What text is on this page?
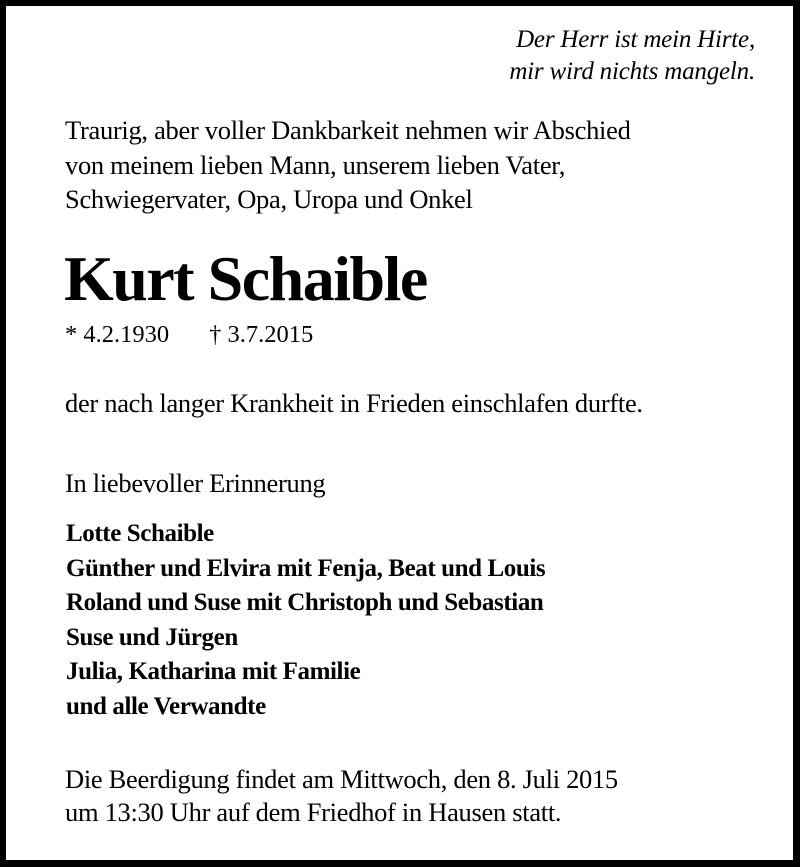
Der Herr ist mein Hirte,
mir wird nichts mangeln.
Traurig, aber voller Dankbarkeit nehmen wir Abschied
von meinem lieben Mann, unserem lieben Vater,
Schwiegervater, Opa, Uropa und Onkel
Kurt Schaible
* 4.2.1930 † 3.7.2015
der nach langer Krankheit in Frieden einschlafen durfte.
In liebevoller Erinnerung
Lotte Schaible
Günther und Elvira mit Fenja, Beat und Louis
Roland und Suse mit Christoph und Sebastian
Suse und Jürgen
Julia, Katharina mit Familie
und alle Verwandte
Die Beerdigung findet am Mittwoch, den 8. Juli 2015
um 13:30 Uhr auf dem Friedhof in Hausen statt.
